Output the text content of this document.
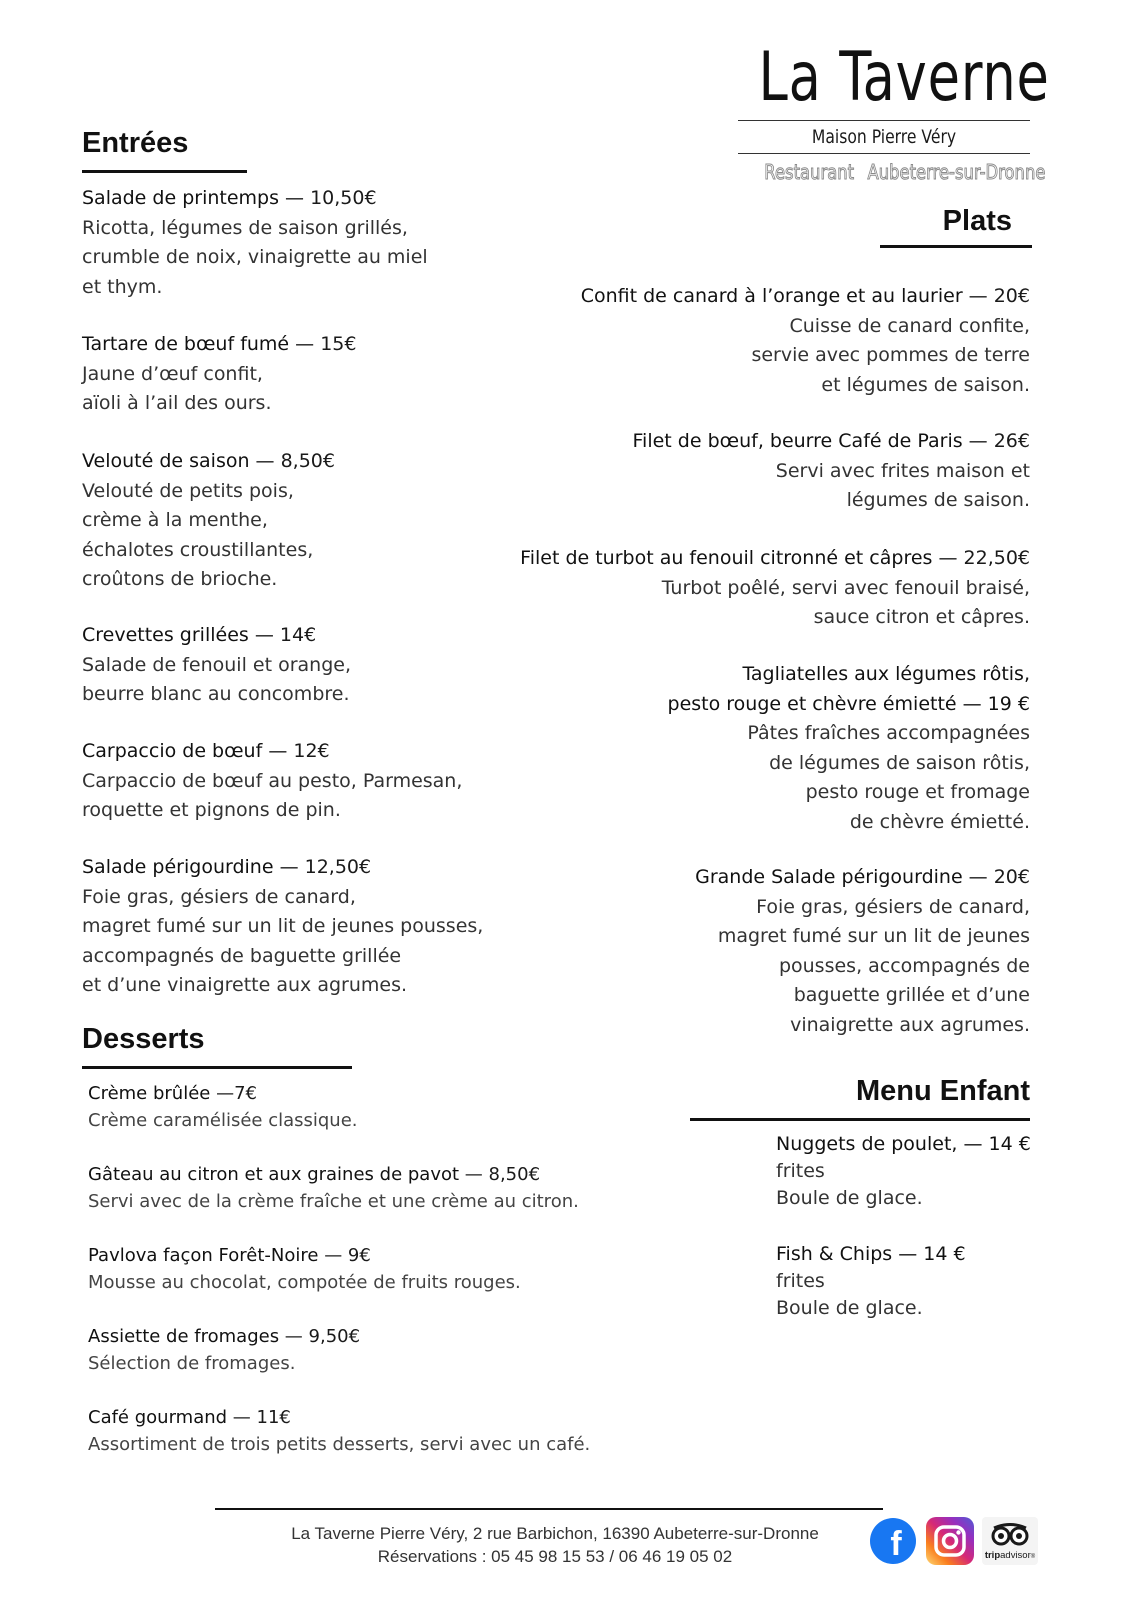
La Taverne
Maison Pierre Véry
Restaurant Aubeterre-sur-Dronne
Entrées
Salade de printemps — 10,50€
Ricotta, légumes de saison grillés,
crumble de noix, vinaigrette au miel
et thym.
Tartare de bœuf fumé — 15€
Jaune d’œuf confit,
aïoli à l’ail des ours.
Velouté de saison — 8,50€
Velouté de petits pois,
crème à la menthe,
échalotes croustillantes,
croûtons de brioche.
Crevettes grillées — 14€
Salade de fenouil et orange,
beurre blanc au concombre.
Carpaccio de bœuf — 12€
Carpaccio de bœuf au pesto, Parmesan,
roquette et pignons de pin.
Salade périgourdine — 12,50€
Foie gras, gésiers de canard,
magret fumé sur un lit de jeunes pousses,
accompagnés de baguette grillée
et d’une vinaigrette aux agrumes.
Plats
Confit de canard à l’orange et au laurier — 20€
Cuisse de canard confite,
servie avec pommes de terre
et légumes de saison.
Filet de bœuf, beurre Café de Paris — 26€
Servi avec frites maison et
légumes de saison.
Filet de turbot au fenouil citronné et câpres — 22,50€
Turbot poêlé, servi avec fenouil braisé,
sauce citron et câpres.
Tagliatelles aux légumes rôtis,
pesto rouge et chèvre émietté — 19 €
Pâtes fraîches accompagnées
de légumes de saison rôtis,
pesto rouge et fromage
de chèvre émietté.
Grande Salade périgourdine — 20€
Foie gras, gésiers de canard,
magret fumé sur un lit de jeunes
pousses, accompagnés de
baguette grillée et d’une
vinaigrette aux agrumes.
Desserts
Crème brûlée —7€
Crème caramélisée classique.
Gâteau au citron et aux graines de pavot — 8,50€
Servi avec de la crème fraîche et une crème au citron.
Pavlova façon Forêt-Noire — 9€
Mousse au chocolat, compotée de fruits rouges.
Assiette de fromages — 9,50€
Sélection de fromages.
Café gourmand — 11€
Assortiment de trois petits desserts, servi avec un café.
Menu Enfant
Nuggets de poulet, — 14 €
frites
Boule de glace.
Fish & Chips — 14 €
frites
Boule de glace.
La Taverne Pierre Véry, 2 rue Barbichon, 16390 Aubeterre-sur-Dronne
Réservations : 05 45 98 15 53 / 06 46 19 05 02	f	tripadvisor®
